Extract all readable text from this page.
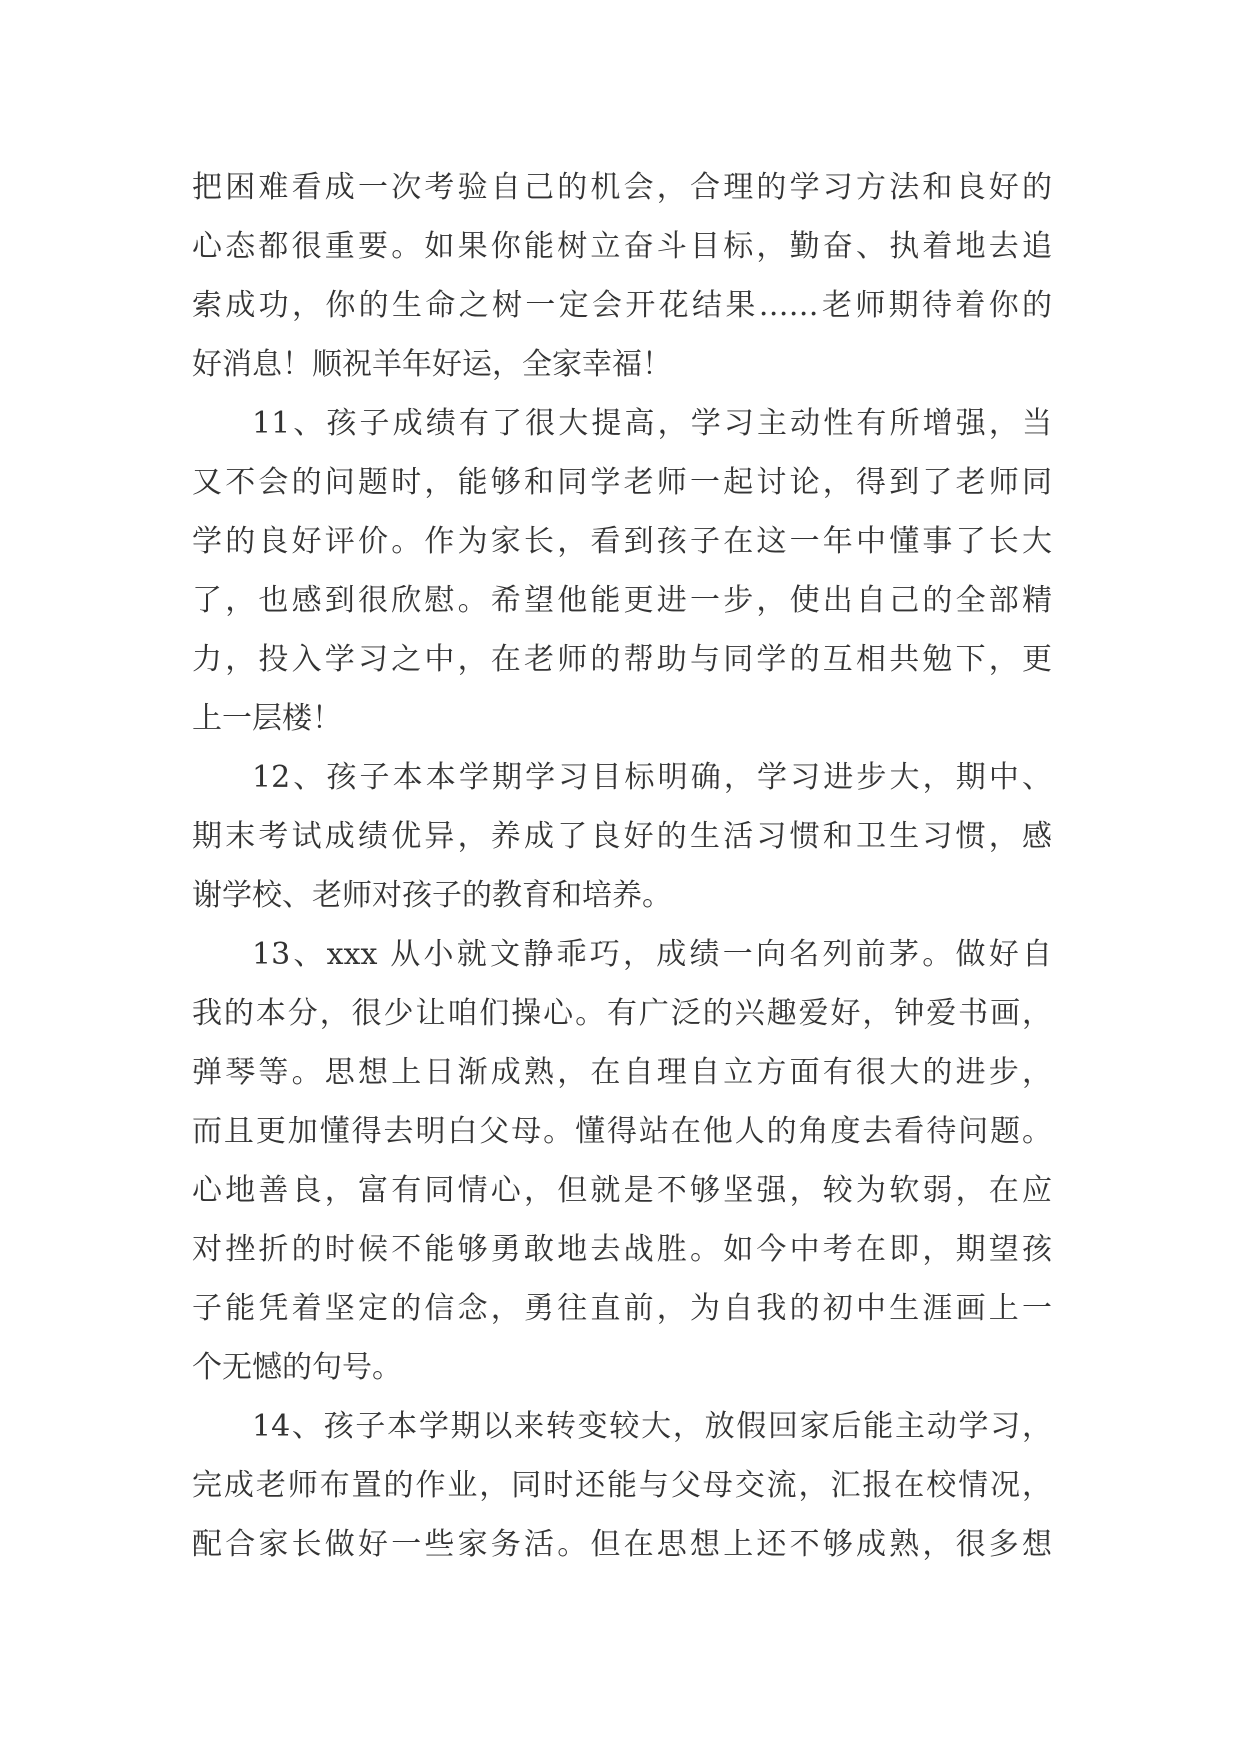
把困难看成一次考验自己的机会，合理的学习方法和良好的
心态都很重要。如果你能树立奋斗目标，勤奋、执着地去追
索成功，你的生命之树一定会开花结果……老师期待着你的
好消息！顺祝羊年好运，全家幸福！
11、孩子成绩有了很大提高，学习主动性有所增强，当
又不会的问题时，能够和同学老师一起讨论，得到了老师同
学的良好评价。作为家长，看到孩子在这一年中懂事了长大
了，也感到很欣慰。希望他能更进一步，使出自己的全部精
力，投入学习之中，在老师的帮助与同学的互相共勉下，更
上一层楼！
12、孩子本本学期学习目标明确，学习进步大，期中、
期末考试成绩优异，养成了良好的生活习惯和卫生习惯，感
谢学校、老师对孩子的教育和培养。
13、xxx 从小就文静乖巧，成绩一向名列前茅。做好自
我的本分，很少让咱们操心。有广泛的兴趣爱好，钟爱书画，
弹琴等。思想上日渐成熟，在自理自立方面有很大的进步，
而且更加懂得去明白父母。懂得站在他人的角度去看待问题。
心地善良，富有同情心，但就是不够坚强，较为软弱，在应
对挫折的时候不能够勇敢地去战胜。如今中考在即，期望孩
子能凭着坚定的信念，勇往直前，为自我的初中生涯画上一
个无憾的句号。
14、孩子本学期以来转变较大，放假回家后能主动学习，
完成老师布置的作业，同时还能与父母交流，汇报在校情况，
配合家长做好一些家务活。但在思想上还不够成熟，很多想
